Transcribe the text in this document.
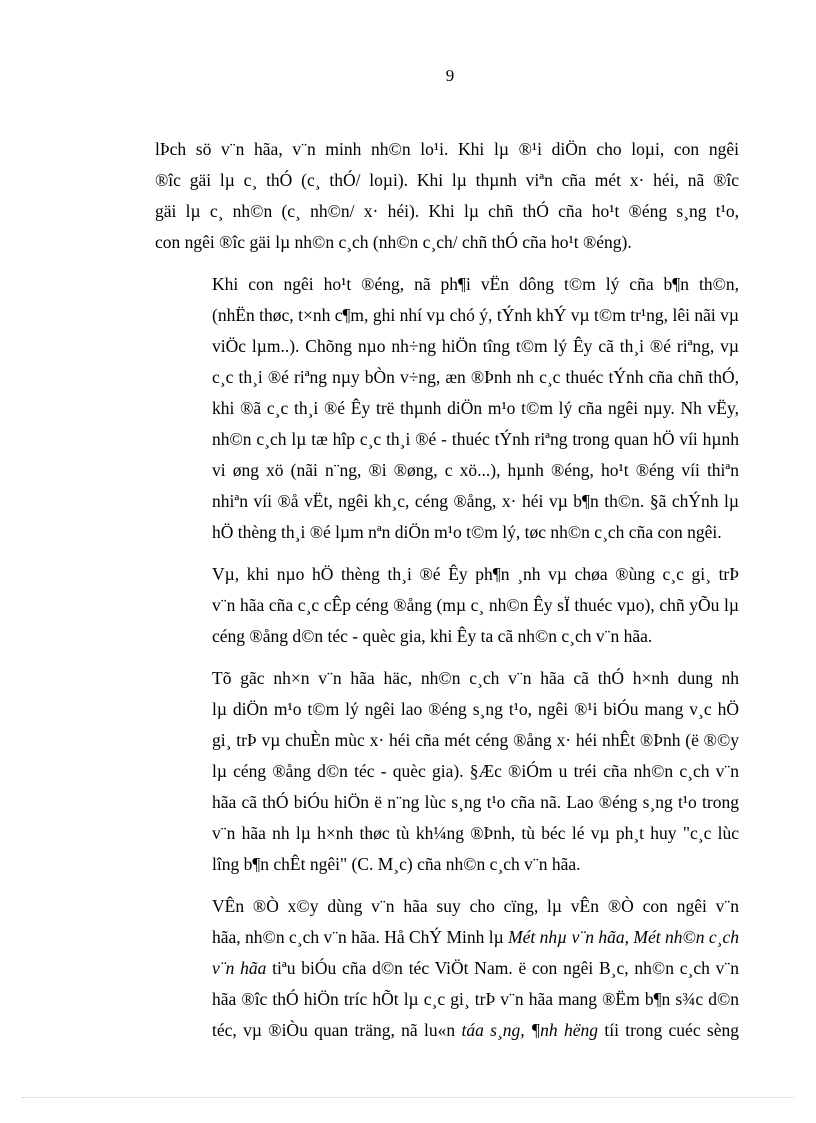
9

lÞch sö v¨n hãa, v¨n minh nh©n lo¹i. Khi lµ ®¹i diÖn cho loµi, con ngêi
®îc gäi lµ c¸ thÓ (c¸ thÓ/ loµi). Khi lµ thµnh viªn cña mét x· héi, nã ®îc
gäi lµ c¸ nh©n (c¸ nh©n/ x· héi). Khi lµ chñ thÓ cña ho¹t ®éng s¸ng t¹o,
con ngêi ®îc gäi lµ nh©n c¸ch (nh©n c¸ch/ chñ thÓ cña ho¹t ®éng).

Khi con ngêi ho¹t ®éng, nã ph¶i vËn dông t©m lý cña b¶n th©n,
(nhËn thøc, t×nh c¶m, ghi nhí vµ chó ý, tÝnh khÝ vµ t©m tr¹ng, lêi nãi vµ
viÖc lµm..). Chõng nµo nh÷ng hiÖn tîng t©m lý Êy cã th¸i ®é riªng, vµ
c¸c th¸i ®é riªng nµy bÒn v÷ng, æn ®Þnh nh c¸c thuéc tÝnh cña chñ thÓ,
khi ®ã c¸c th¸i ®é Êy trë thµnh diÖn m¹o t©m lý cña ngêi nµy. Nh vËy,
nh©n c¸ch lµ tæ hîp c¸c th¸i ®é - thuéc tÝnh riªng trong quan hÖ víi hµnh
vi øng xö (nãi n¨ng, ®i ®øng, c xö...), hµnh ®éng, ho¹t ®éng víi thiªn
nhiªn víi ®å vËt, ngêi kh¸c, céng ®ång, x· héi vµ b¶n th©n. §ã chÝnh lµ
hÖ thèng th¸i ®é lµm nªn diÖn m¹o t©m lý, tøc nh©n c¸ch cña con ngêi.

Vµ, khi nµo hÖ thèng th¸i ®é Êy ph¶n ¸nh vµ chøa ®ùng c¸c gi¸ trÞ
v¨n hãa cña c¸c cÊp céng ®ång (mµ c¸ nh©n Êy sÏ thuéc vµo), chñ yÕu lµ
céng ®ång d©n téc - quèc gia, khi Êy ta cã nh©n c¸ch v¨n hãa.

Tõ gãc nh×n v¨n hãa häc, nh©n c¸ch v¨n hãa cã thÓ h×nh dung nh
lµ diÖn m¹o t©m lý ngêi lao ®éng s¸ng t¹o, ngêi ®¹i biÓu mang v¸c hÖ
gi¸ trÞ vµ chuÈn mùc x· héi cña mét céng ®ång x· héi nhÊt ®Þnh (ë ®©y
lµ céng ®ång d©n téc - quèc gia). §Æc ®iÓm u tréi cña nh©n c¸ch v¨n
hãa cã thÓ biÓu hiÖn ë n¨ng lùc s¸ng t¹o cña nã. Lao ®éng s¸ng t¹o trong
v¨n hãa nh lµ h×nh thøc tù kh¼ng ®Þnh, tù béc lé vµ ph¸t huy "c¸c lùc
lîng b¶n chÊt ngêi" (C. M¸c) cña nh©n c¸ch v¨n hãa.

VÊn ®Ò x©y dùng v¨n hãa suy cho cïng, lµ vÊn ®Ò con ngêi v¨n
hãa, nh©n c¸ch v¨n hãa. Hå ChÝ Minh lµ Mét nhµ v¨n hãa, Mét nh©n c¸ch
v¨n hãa tiªu biÓu cña d©n téc ViÖt Nam. ë con ngêi B¸c, nh©n c¸ch v¨n
hãa ®îc thÓ hiÖn tríc hÕt lµ c¸c gi¸ trÞ v¨n hãa mang ®Ëm b¶n s¾c d©n
téc, vµ ®iÒu quan träng, nã lu«n táa s¸ng, ¶nh hëng tíi trong cuéc sèng
